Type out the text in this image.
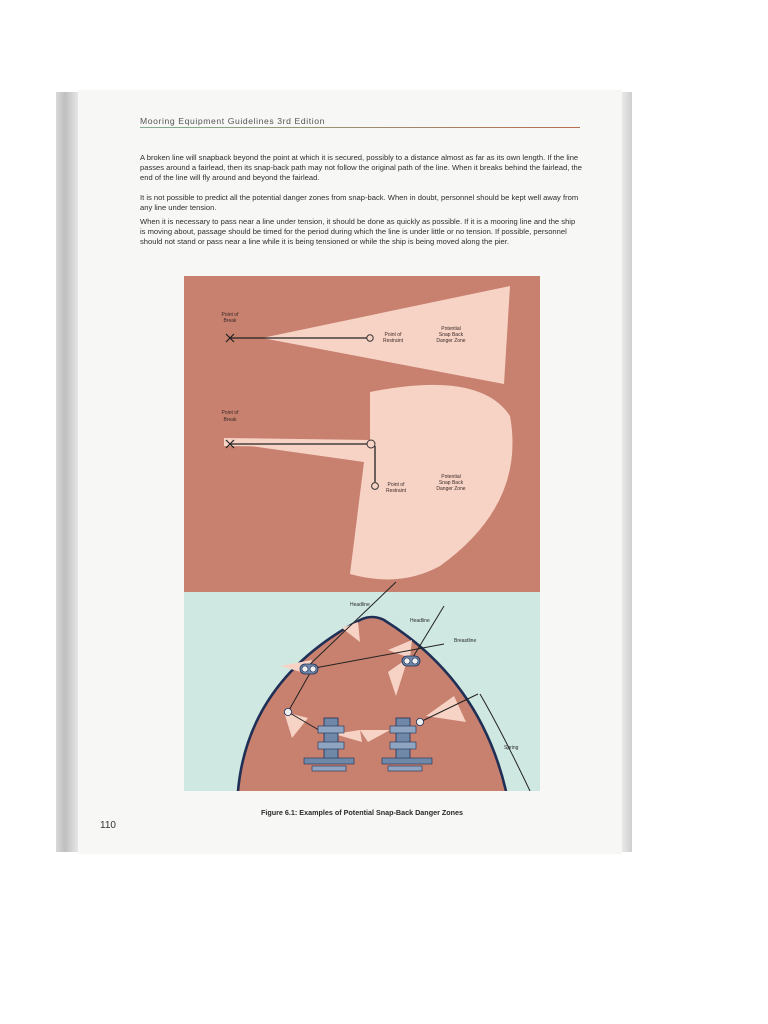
Mooring Equipment Guidelines 3rd Edition

A broken line will snapback beyond the point at which it is secured, possibly to a distance almost as far as its own length. If the line passes around a fairlead, then its snap-back path may not follow the original path of the line. When it breaks behind the fairlead, the end of the line will fly around and beyond the fairlead.

It is not possible to predict all the potential danger zones from snap-back. When in doubt, personnel should be kept well away from any line under tension.

When it is necessary to pass near a line under tension, it should be done as quickly as possible. If it is a mooring line and the ship is moving about, passage should be timed for the period during which the line is under little or no tension. If possible, personnel should not stand or pass near a line while it is being tensioned or while the ship is being moved along the pier.

Point of
Break
Point of
Restraint
Potential
Snap Back
Danger Zone
Point of
Break
Point of
Restraint
Potential
Snap Back
Danger Zone
Headline
Headline
Breastline
Spring
Figure 6.1: Examples of Potential Snap-Back Danger Zones
110
